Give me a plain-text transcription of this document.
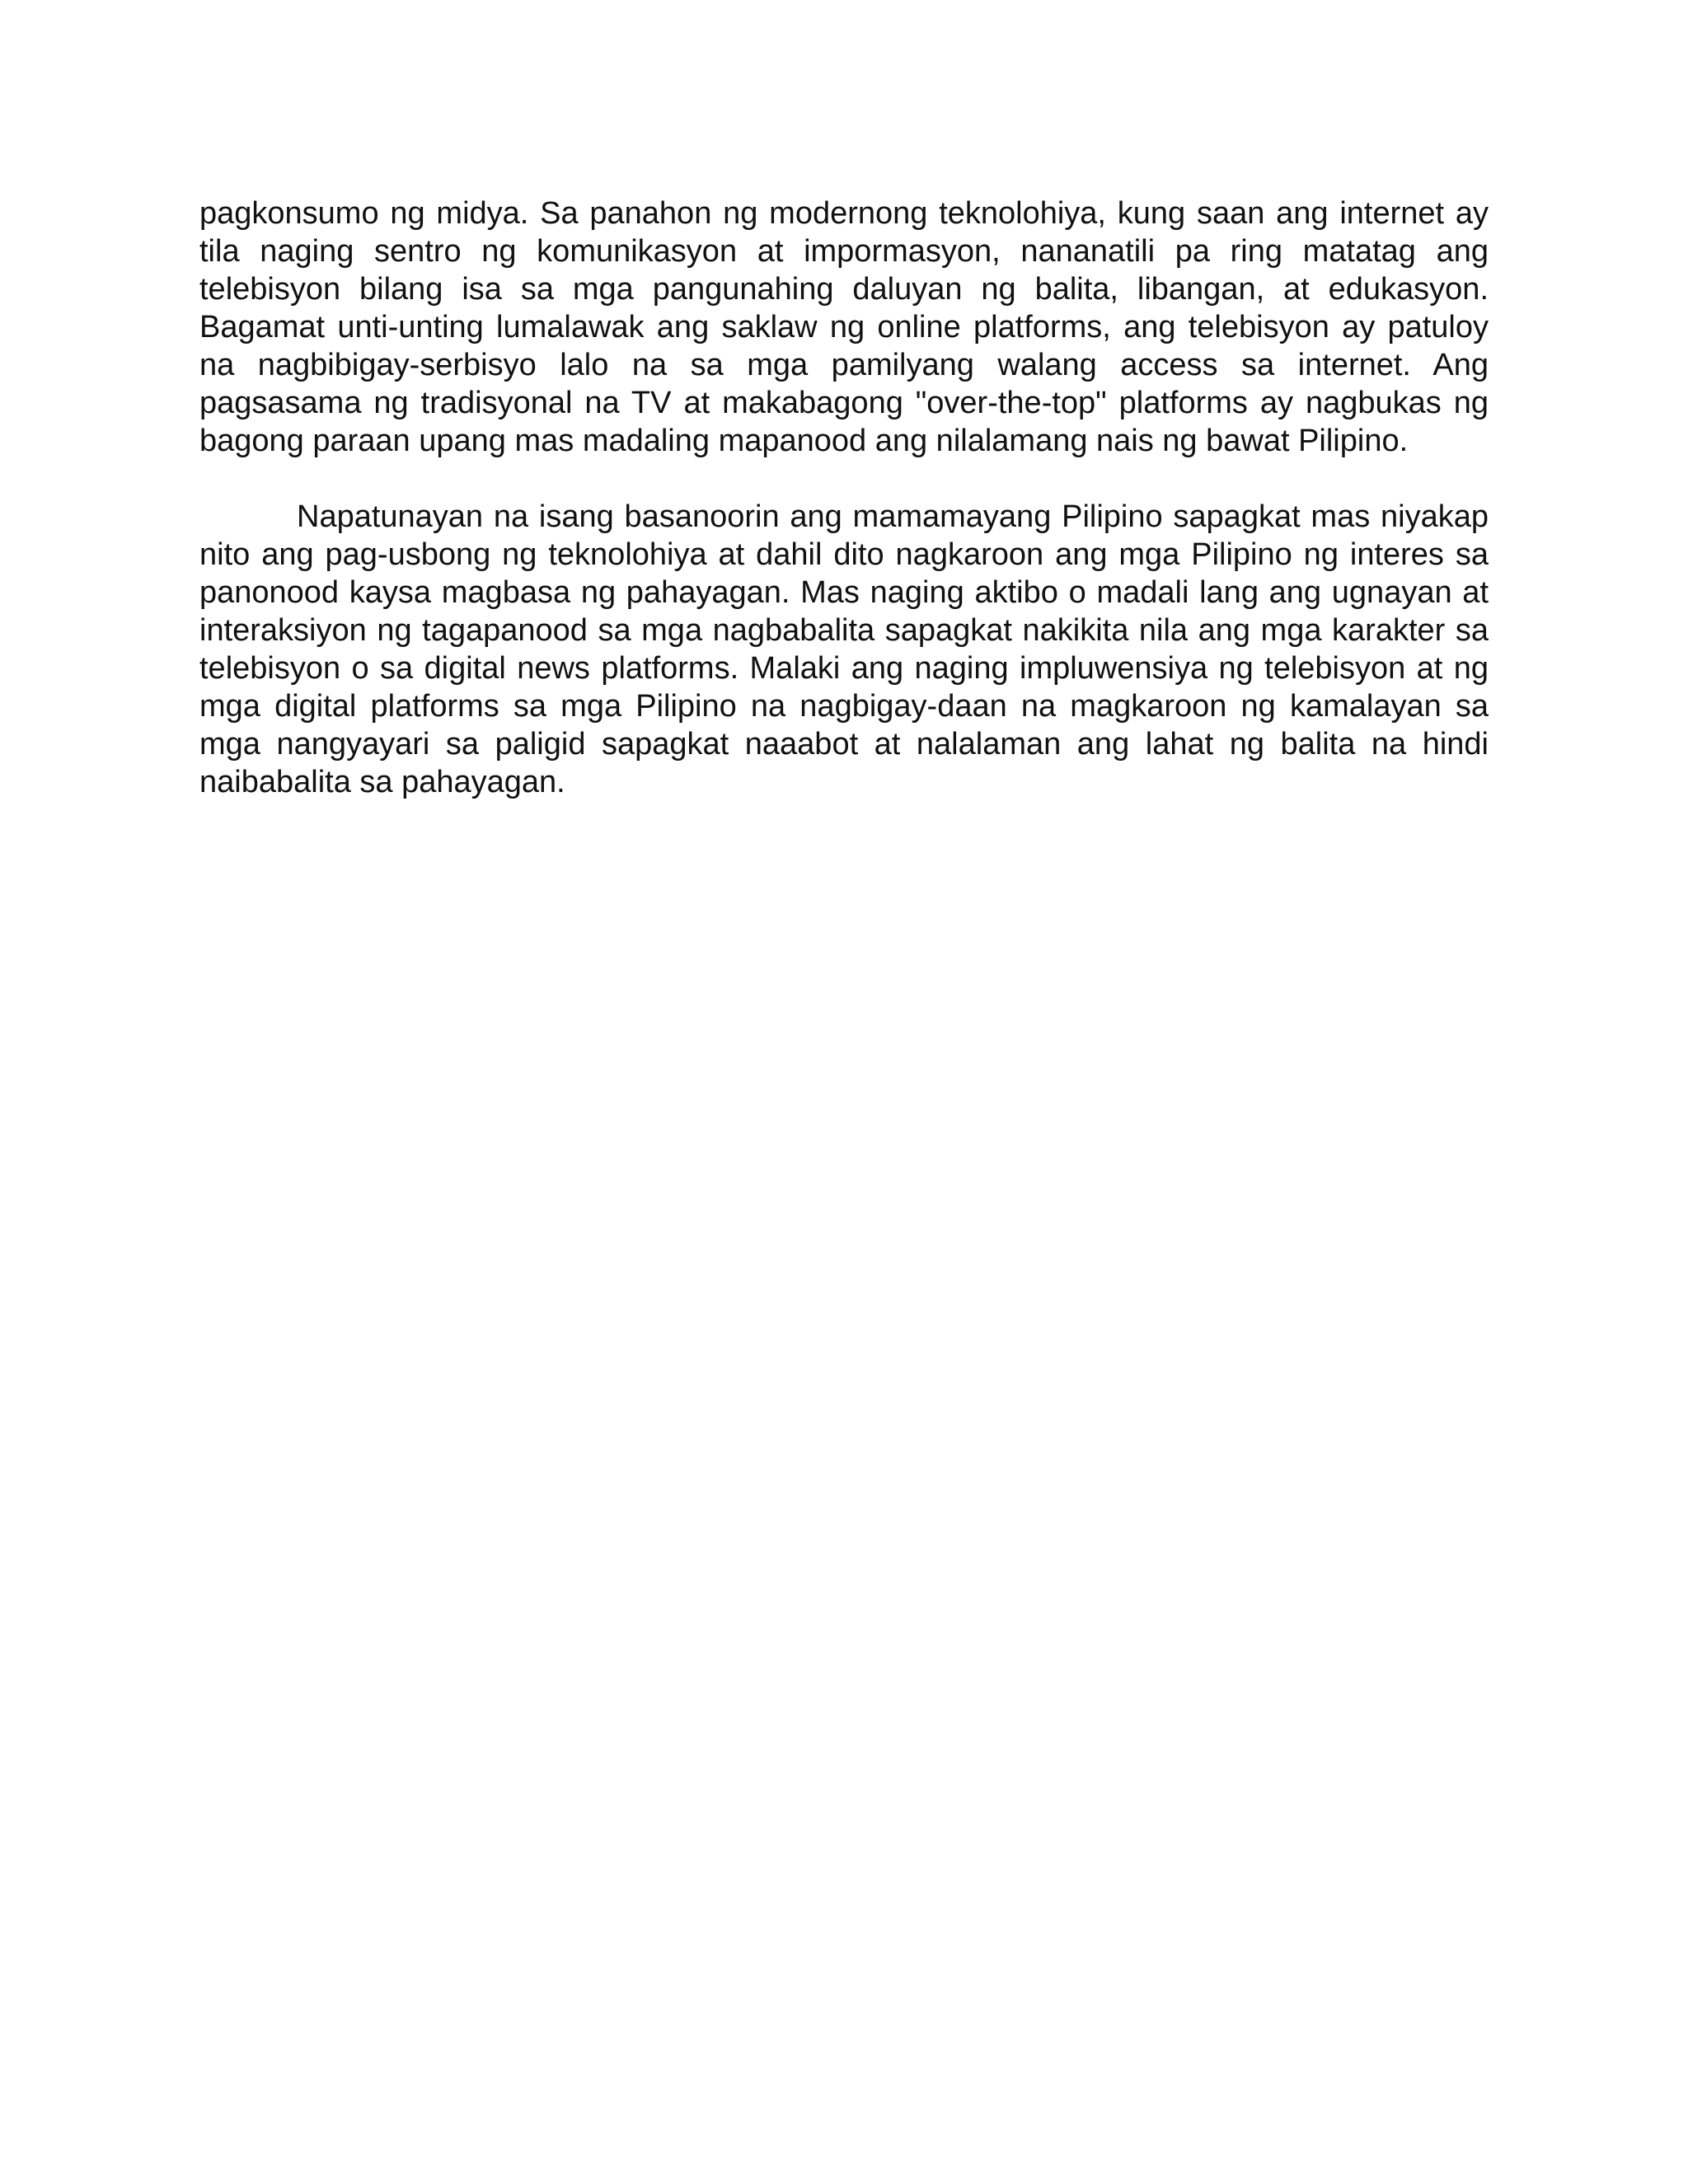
pagkonsumo ng midya. Sa panahon ng modernong teknolohiya, kung saan ang internet ay tila naging sentro ng komunikasyon at impormasyon, nananatili pa ring matatag ang telebisyon bilang isa sa mga pangunahing daluyan ng balita, libangan, at edukasyon. Bagamat unti-unting lumalawak ang saklaw ng online platforms, ang telebisyon ay patuloy na nagbibigay-serbisyo lalo na sa mga pamilyang walang access sa internet. Ang pagsasama ng tradisyonal na TV at makabagong "over-the-top" platforms ay nagbukas ng bagong paraan upang mas madaling mapanood ang nilalamang nais ng bawat Pilipino.

Napatunayan na isang basanoorin ang mamamayang Pilipino sapagkat mas niyakap nito ang pag-usbong ng teknolohiya at dahil dito nagkaroon ang mga Pilipino ng interes sa panonood kaysa magbasa ng pahayagan. Mas naging aktibo o madali lang ang ugnayan at interaksiyon ng tagapanood sa mga nagbabalita sapagkat nakikita nila ang mga karakter sa telebisyon o sa digital news platforms. Malaki ang naging impluwensiya ng telebisyon at ng mga digital platforms sa mga Pilipino na nagbigay-daan na magkaroon ng kamalayan sa mga nangyayari sa paligid sapagkat naaabot at nalalaman ang lahat ng balita na hindi naibabalita sa pahayagan.
